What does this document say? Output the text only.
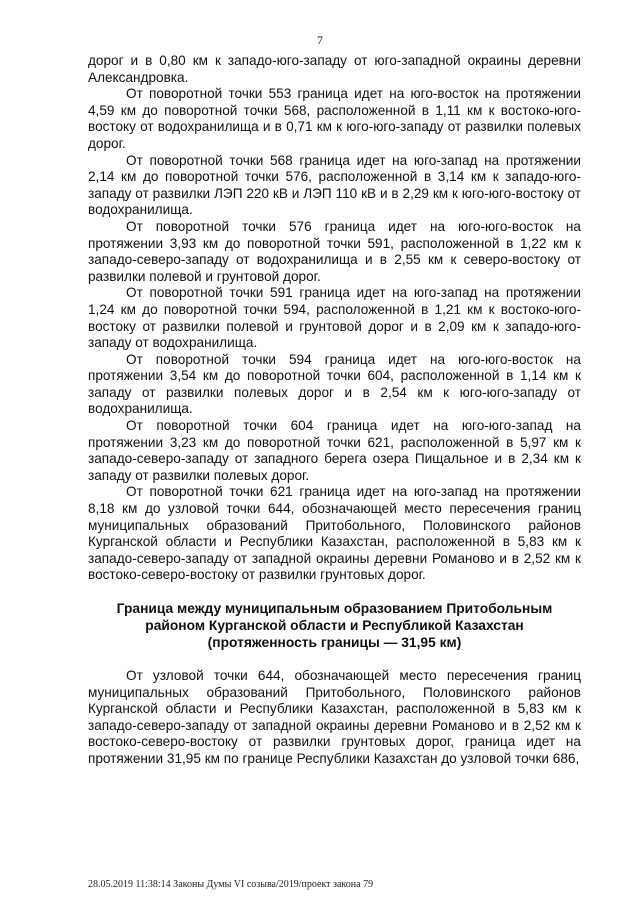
7

дорог и в 0,80 км к западо-юго-западу от юго-западной окраины деревни Александровка.

От поворотной точки 553 граница идет на юго-восток на протяжении 4,59 км до поворотной точки 568, расположенной в 1,11 км к востоко-юго-востоку от водохранилища и в 0,71 км к юго-юго-западу от развилки полевых дорог.

От поворотной точки 568 граница идет на юго-запад на протяжении 2,14 км до поворотной точки 576, расположенной в 3,14 км к западо-юго-западу от развилки ЛЭП 220 кВ и ЛЭП 110 кВ и в 2,29 км к юго-юго-востоку от водохранилища.

От поворотной точки 576 граница идет на юго-юго-восток на протяжении 3,93 км до поворотной точки 591, расположенной в 1,22 км к западо-северо-западу от водохранилища и в 2,55 км к северо-востоку от развилки полевой и грунтовой дорог.

От поворотной точки 591 граница идет на юго-запад на протяжении 1,24 км до поворотной точки 594, расположенной в 1,21 км к востоко-юго-востоку от развилки полевой и грунтовой дорог и в 2,09 км к западо-юго-западу от водохранилища.

От поворотной точки 594 граница идет на юго-юго-восток на протяжении 3,54 км до поворотной точки 604, расположенной в 1,14 км к западу от развилки полевых дорог и в 2,54 км к юго-юго-западу от водохранилища.

От поворотной точки 604 граница идет на юго-юго-запад на протяжении 3,23 км до поворотной точки 621, расположенной в 5,97 км к западо-северо-западу от западного берега озера Пищальное и в 2,34 км к западу от развилки полевых дорог.

От поворотной точки 621 граница идет на юго-запад на протяжении 8,18 км до узловой точки 644, обозначающей место пересечения границ муниципальных образований Притобольного, Половинского районов Курганской области и Республики Казахстан, расположенной в 5,83 км к западо-северо-западу от западной окраины деревни Романово и в 2,52 км к востоко-северо-востоку от развилки грунтовых дорог.

Граница между муниципальным образованием Притобольным
районом Курганской области и Республикой Казахстан
(протяженность границы — 31,95 км)

От узловой точки 644, обозначающей место пересечения границ муниципальных образований Притобольного, Половинского районов Курганской области и Республики Казахстан, расположенной в 5,83 км к западо-северо-западу от западной окраины деревни Романово и в 2,52 км к востоко-северо-востоку от развилки грунтовых дорог, граница идет на протяжении 31,95 км по границе Республики Казахстан до узловой точки 686,

28.05.2019 11:38:14 Законы Думы VI созыва/2019/проект закона 79
